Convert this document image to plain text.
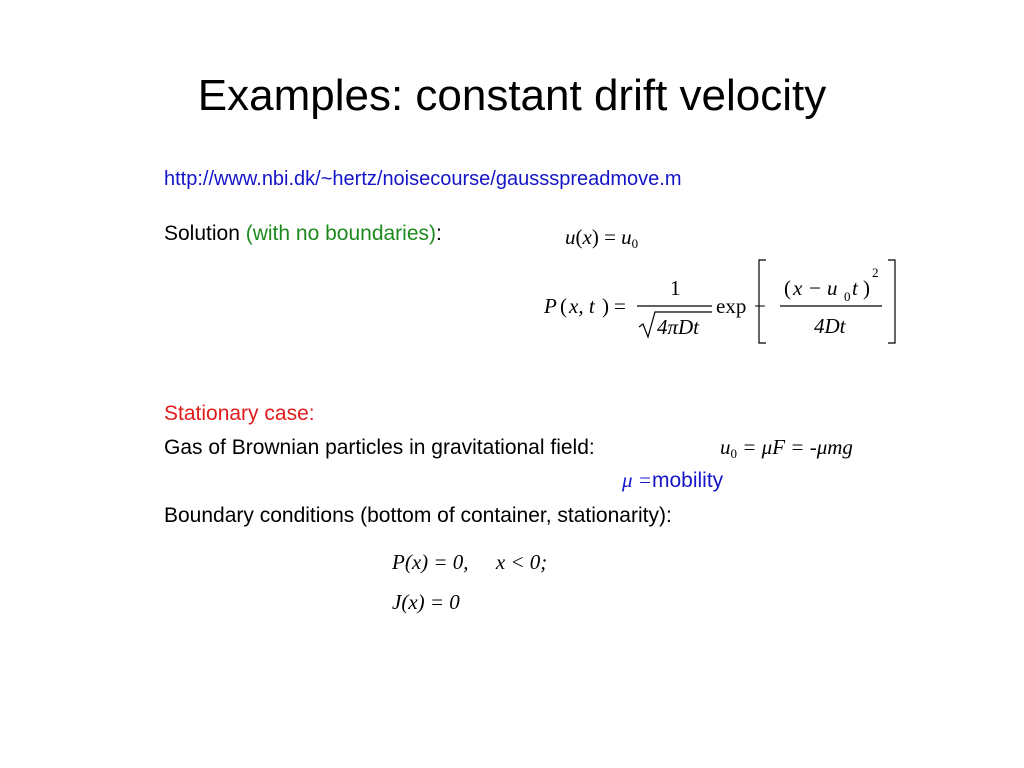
Examples: constant drift velocity
http://www.nbi.dk/~hertz/noisecourse/gaussspreadmove.m
Solution (with no boundaries):	$u(x) = u_0$
P ( x, t ) =
1
4πDt
exp −
( x − u 0 t )
2
4Dt
Stationary case:
Gas of Brownian particles in gravitational field:	$u_0 = \mu F = -\mu mg$
μ =mobility
Boundary conditions (bottom of container, stationarity):
P(x) = 0, x < 0;
J(x) = 0
